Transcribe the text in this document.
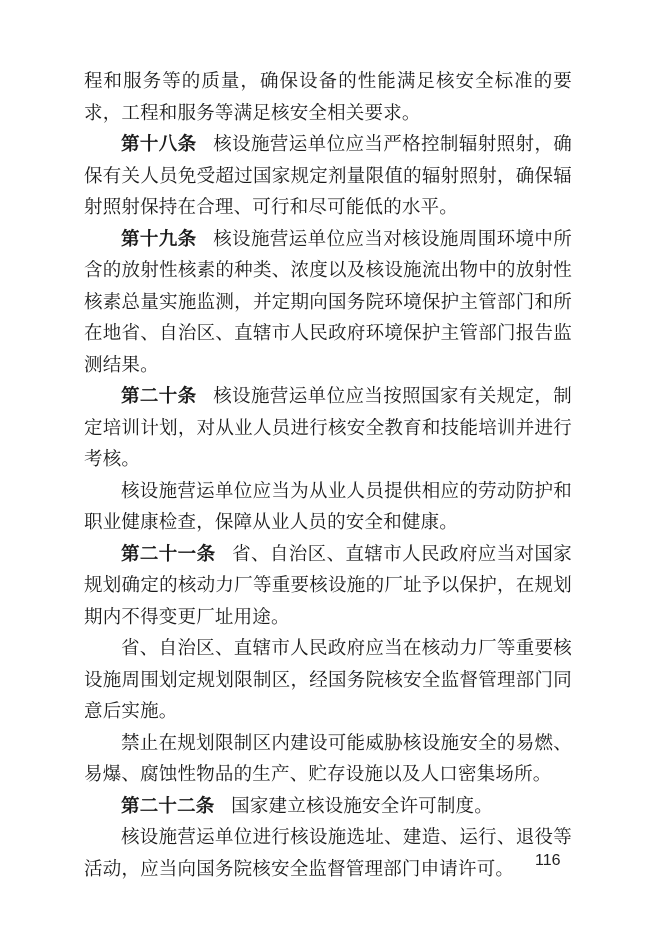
程和服务等的质量，确保设备的性能满足核安全标准的要求，工程和服务等满足核安全相关要求。

第十八条 核设施营运单位应当严格控制辐射照射，确保有关人员免受超过国家规定剂量限值的辐射照射，确保辐射照射保持在合理、可行和尽可能低的水平。

第十九条 核设施营运单位应当对核设施周围环境中所含的放射性核素的种类、浓度以及核设施流出物中的放射性核素总量实施监测，并定期向国务院环境保护主管部门和所在地省、自治区、直辖市人民政府环境保护主管部门报告监测结果。

第二十条 核设施营运单位应当按照国家有关规定，制定培训计划，对从业人员进行核安全教育和技能培训并进行考核。

核设施营运单位应当为从业人员提供相应的劳动防护和职业健康检查，保障从业人员的安全和健康。

第二十一条 省、自治区、直辖市人民政府应当对国家规划确定的核动力厂等重要核设施的厂址予以保护，在规划期内不得变更厂址用途。

省、自治区、直辖市人民政府应当在核动力厂等重要核设施周围划定规划限制区，经国务院核安全监督管理部门同意后实施。

禁止在规划限制区内建设可能威胁核设施安全的易燃、易爆、腐蚀性物品的生产、贮存设施以及人口密集场所。

第二十二条 国家建立核设施安全许可制度。

核设施营运单位进行核设施选址、建造、运行、退役等活动，应当向国务院核安全监督管理部门申请许可。	116
